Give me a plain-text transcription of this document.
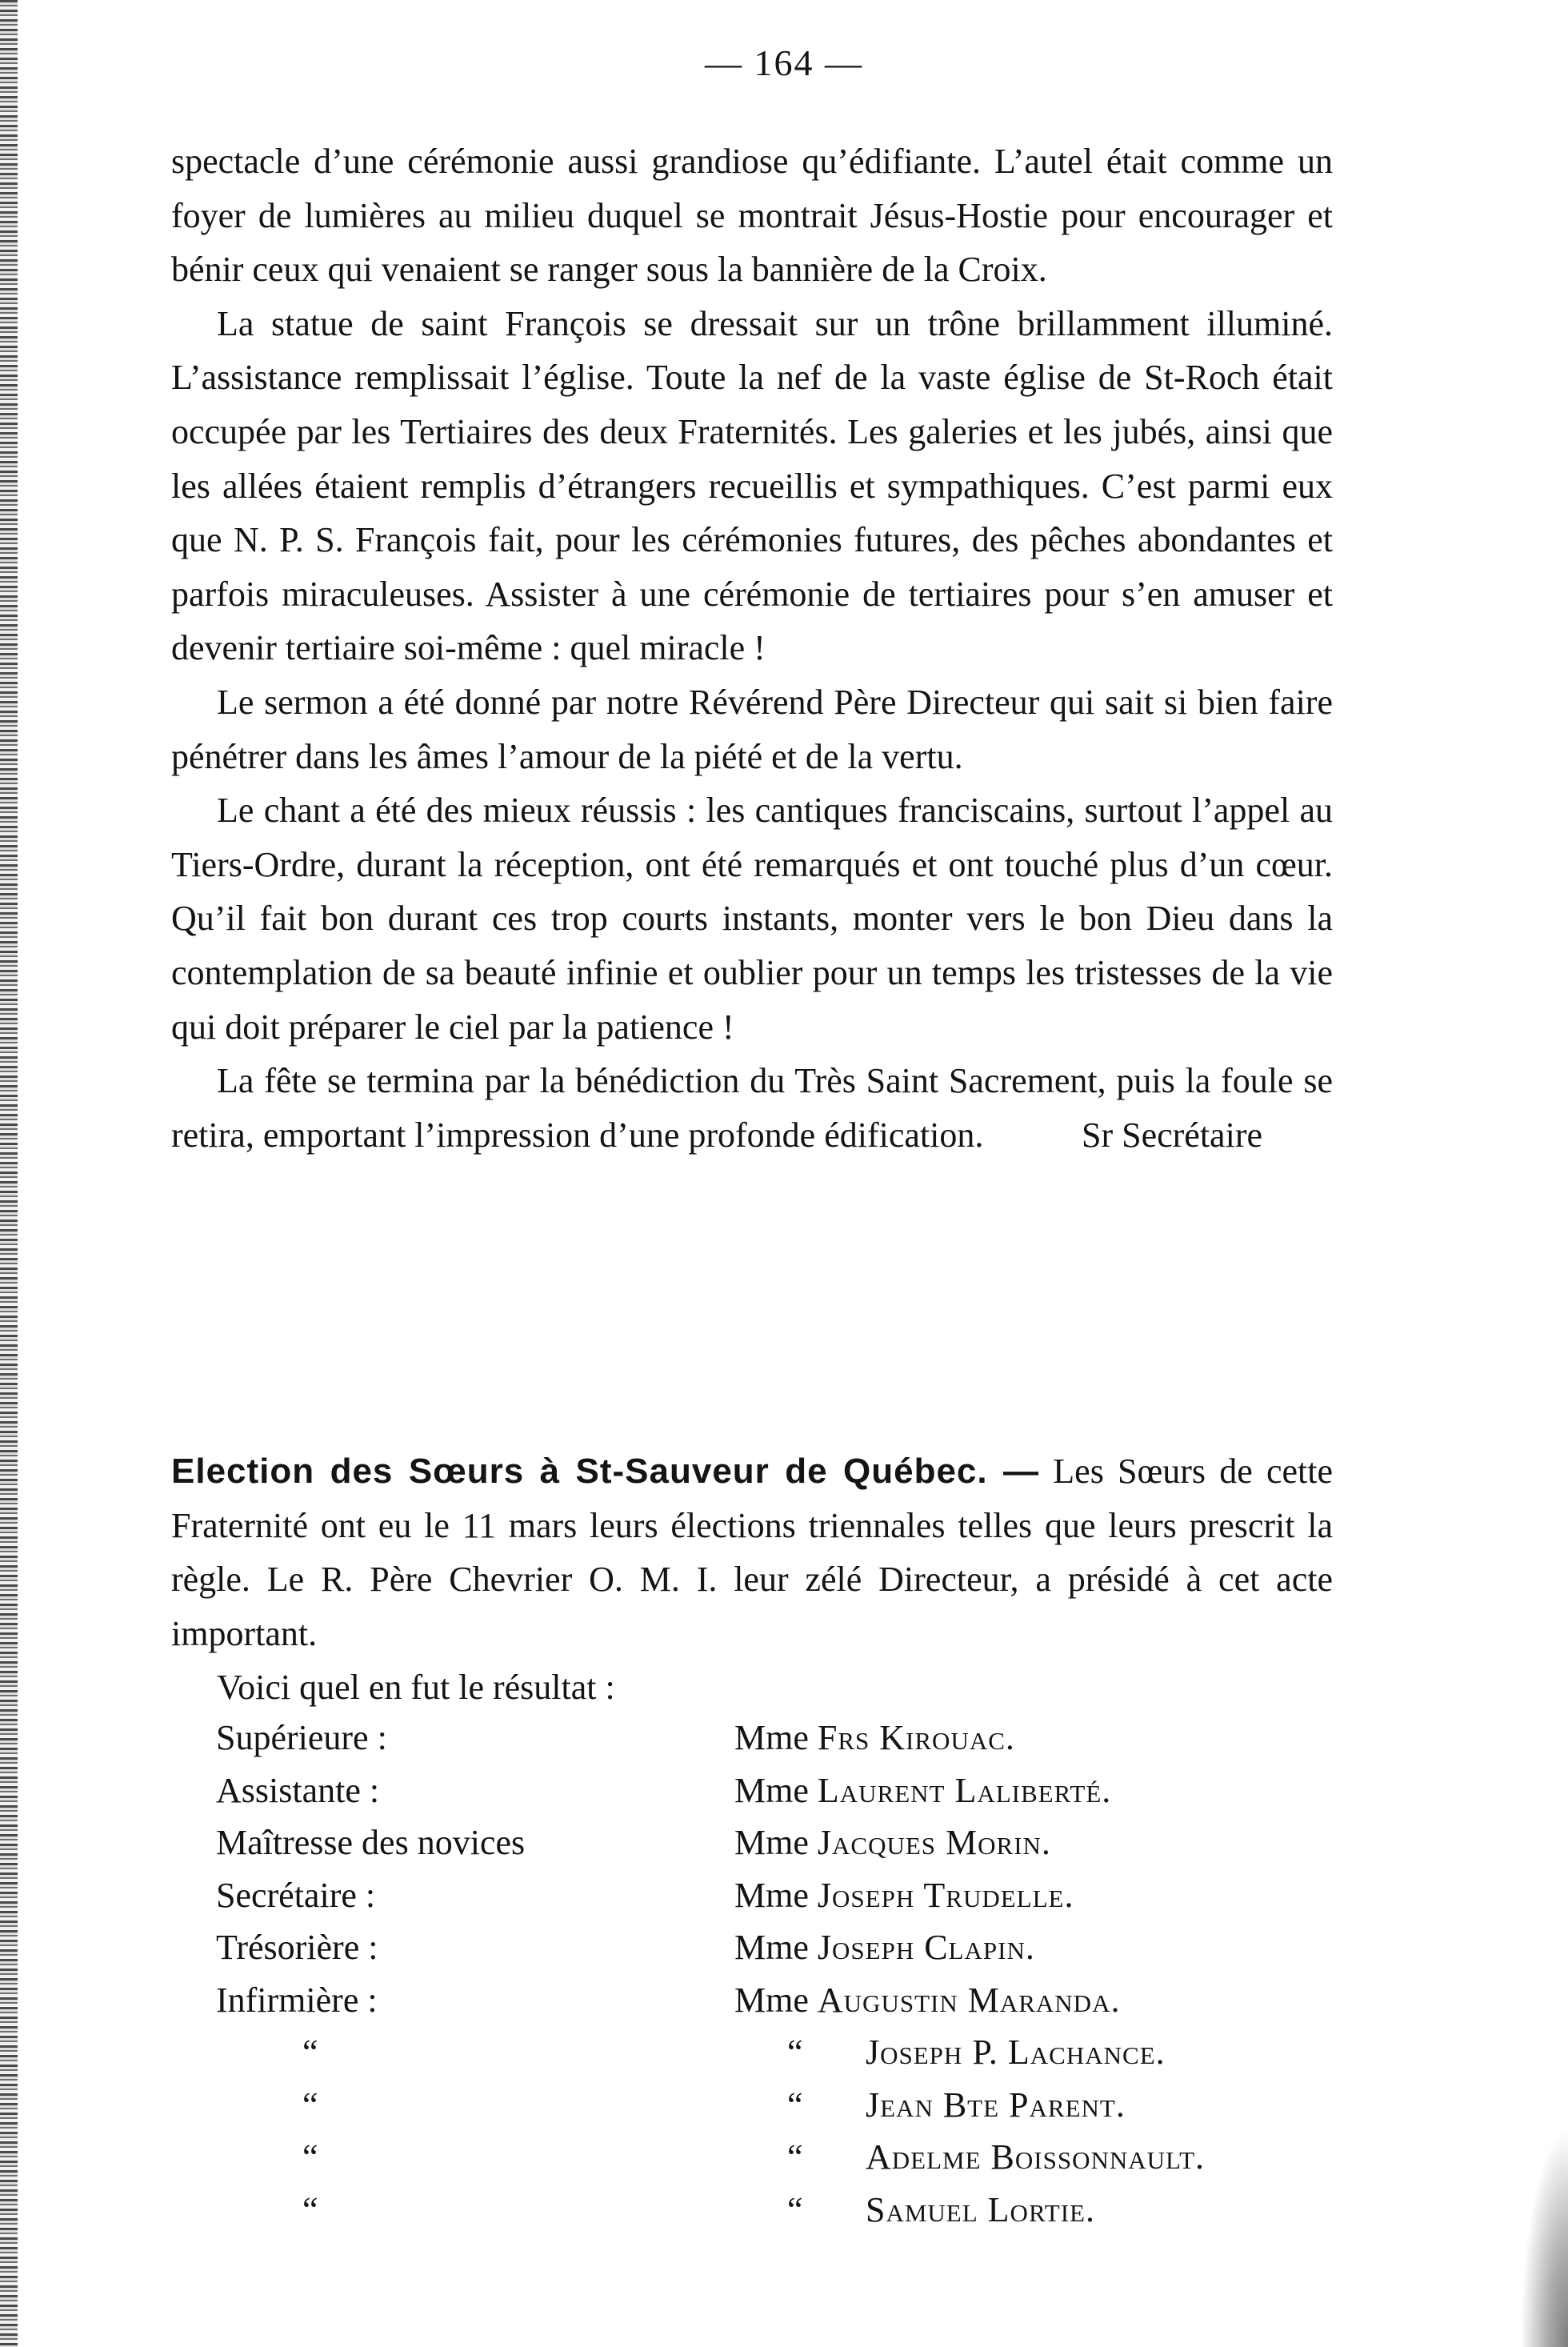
— 164 —

spectacle d’une cérémonie aussi grandiose qu’édifiante. L’autel était comme un foyer de lumières au milieu duquel se montrait Jésus-Hostie pour encourager et bénir ceux qui venaient se ranger sous la bannière de la Croix.

La statue de saint François se dressait sur un trône brillamment illuminé. L’assistance remplissait l’église. Toute la nef de la vaste église de St-Roch était occupée par les Tertiaires des deux Fraternités. Les galeries et les jubés, ainsi que les allées étaient remplis d’étrangers recueillis et sympathiques. C’est parmi eux que N. P. S. François fait, pour les cérémonies futures, des pêches abondantes et parfois miraculeuses. Assister à une cérémonie de tertiaires pour s’en amuser et devenir tertiaire soi-même : quel miracle !

Le sermon a été donné par notre Révérend Père Directeur qui sait si bien faire pénétrer dans les âmes l’amour de la piété et de la vertu.

Le chant a été des mieux réussis : les cantiques franciscains, surtout l’appel au Tiers-Ordre, durant la réception, ont été remarqués et ont touché plus d’un cœur. Qu’il fait bon durant ces trop courts instants, monter vers le bon Dieu dans la contemplation de sa beauté infinie et oublier pour un temps les tristesses de la vie qui doit préparer le ciel par la patience !

La fête se termina par la bénédiction du Très Saint Sacrement, puis la foule se retira, emportant l’impression d’une profonde édification.	Sr Secrétaire

Election des Sœurs à St-Sauveur de Québec. — Les Sœurs de cette Fraternité ont eu le 11 mars leurs élections triennales telles que leurs prescrit la règle. Le R. Père Chevrier O. M. I. leur zélé Directeur, a présidé à cet acte important.

Voici quel en fut le résultat :

Supérieure :	Mme Frs Kirouac.
Assistante :	Mme Laurent Laliberté.
Maîtresse des novices	Mme Jacques Morin.
Secrétaire :	Mme Joseph Trudelle.
Trésorière :	Mme Joseph Clapin.
Infirmière :	Mme Augustin Maranda.
“	“ Joseph P. Lachance.
“	“ Jean Bte Parent.
“	“ Adelme Boissonnault.
“	“ Samuel Lortie.
